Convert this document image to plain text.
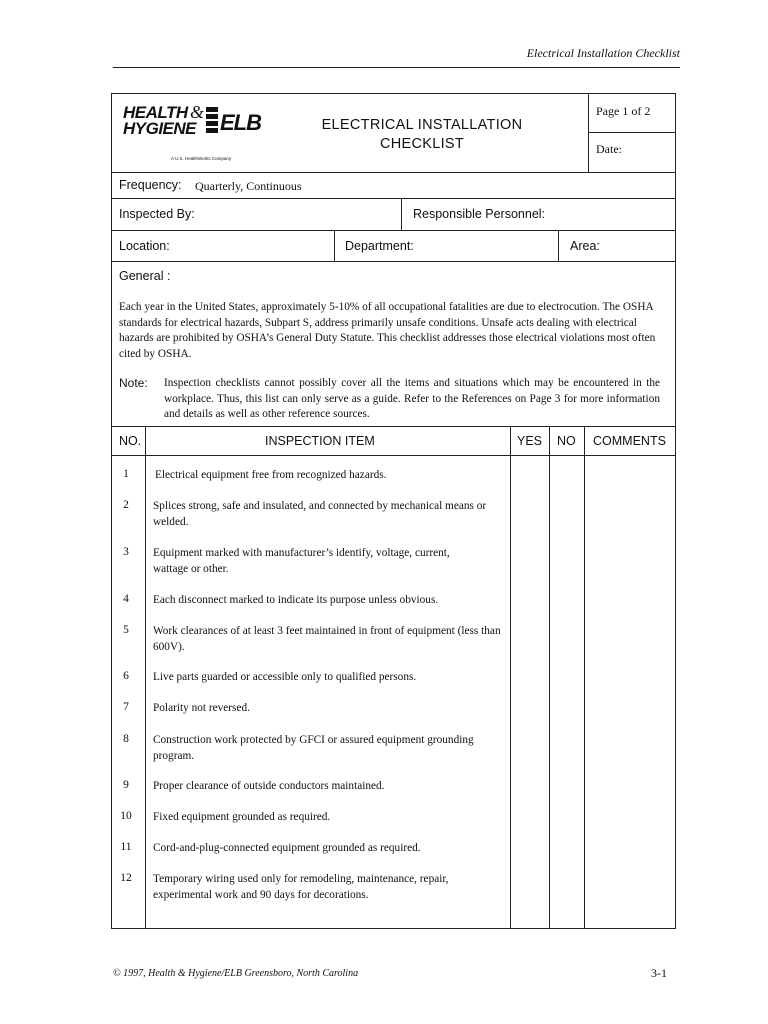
Electrical Installation Checklist
HEALTH &
HYGIENE ELB
A U.S. HealthWorks Company
ELECTRICAL INSTALLATION
CHECKLIST
Page 1 of 2
Date:
Frequency: Quarterly, Continuous
Inspected By:	Responsible Personnel:
Location:	Department:	Area:
General :
Each year in the United States, approximately 5-10% of all occupational fatalities are due to electrocution. The OSHA standards for electrical hazards, Subpart S, address primarily unsafe conditions. Unsafe acts dealing with electrical hazards are prohibited by OSHA’s General Duty Statute. This checklist addresses those electrical violations most often cited by OSHA.
Note: Inspection checklists cannot possibly cover all the items and situations which may be encountered in the workplace. Thus, this list can only serve as a guide. Refer to the References on Page 3 for more information and details as well as other reference sources.
NO.	INSPECTION ITEM	YES NO COMMENTS
1	Electrical equipment free from recognized hazards.
2	Splices strong, safe and insulated, and connected by mechanical means or welded.
3	Equipment marked with manufacturer’s identify, voltage, current, wattage or other.
4	Each disconnect marked to indicate its purpose unless obvious.
5	Work clearances of at least 3 feet maintained in front of equipment (less than 600V).
6	Live parts guarded or accessible only to qualified persons.
7	Polarity not reversed.
8	Construction work protected by GFCI or assured equipment grounding program.
9	Proper clearance of outside conductors maintained.
10	Fixed equipment grounded as required.
11	Cord-and-plug-connected equipment grounded as required.
12	Temporary wiring used only for remodeling, maintenance, repair, experimental work and 90 days for decorations.
© 1997, Health & Hygiene/ELB Greensboro, North Carolina	3-1
